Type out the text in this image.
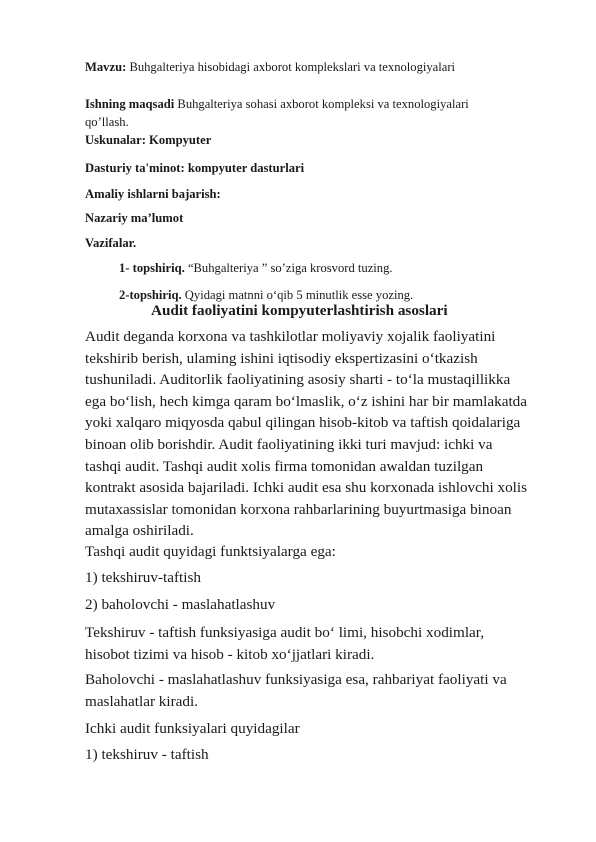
Mavzu: Buhgalteriya hisobidagi axborot komplekslari va texnologiyalari
Ishning maqsadi Buhgalteriya sohasi axborot kompleksi va texnologiyalari
qo’llash.
Uskunalar: Kompyuter
Dasturiy ta'minot: kompyuter dasturlari
Amaliy ishlarni bajarish:
Nazariy ma’lumot
Vazifalar.
1- topshiriq. “Buhgalteriya ” so’ziga krosvord tuzing.
2-topshiriq. Qyidagi matnni o‘qib 5 minutlik esse yozing.
Audit faoliyatini kompyuterlashtirish asoslari
Audit deganda korxona va tashkilotlar moliyaviy xojalik faoliyatini
tekshirib berish, ulaming ishini iqtisodiy ekspertizasini o‘tkazish
tushuniladi. Auditorlik faoliyatining asosiy sharti - to‘la mustaqillikka
ega bo‘lish, hech kimga qaram bo‘lmaslik, o‘z ishini har bir mamlakatda
yoki xalqaro miqyosda qabul qilingan hisob-kitob va taftish qoidalariga
binoan olib borishdir. Audit faoliyatining ikki turi mavjud: ichki va
tashqi audit. Tashqi audit xolis firma tomonidan awaldan tuzilgan
kontrakt asosida bajariladi. Ichki audit esa shu korxonada ishlovchi xolis
mutaxassislar tomonidan korxona rahbarlarining buyurtmasiga binoan
amalga oshiriladi.
Tashqi audit quyidagi funktsiyalarga ega:
1) tekshiruv-taftish
2) baholovchi - maslahatlashuv
Tekshiruv - taftish funksiyasiga audit bo‘ limi, hisobchi xodimlar,
hisobot tizimi va hisob - kitob xo‘jjatlari kiradi.
Baholovchi - maslahatlashuv funksiyasiga esa, rahbariyat faoliyati va
maslahatlar kiradi.
Ichki audit funksiyalari quyidagilar
1) tekshiruv - taftish
